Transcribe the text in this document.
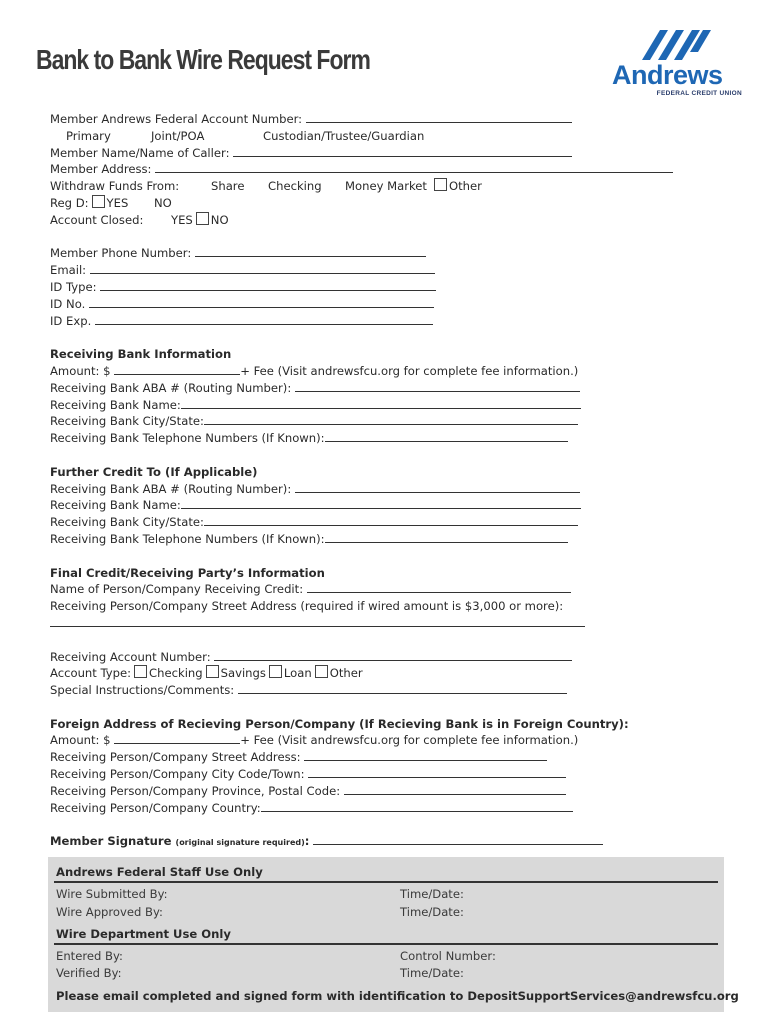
Bank to Bank Wire Request Form	Andrews
FEDERAL CREDIT UNION
Member Andrews Federal Account Number:
Primary	Joint/POA	Custodian/Trustee/Guardian
Member Name/Name of Caller:
Member Address:
Withdraw Funds From:	Share Checking Money Market	Other
Reg D: YES NO
Account Closed: YES NO
Member Phone Number:
Email:
ID Type:
ID No.
ID Exp.
Receiving Bank Information
Amount: $	+ Fee (Visit andrewsfcu.org for complete fee information.)
Receiving Bank ABA # (Routing Number):
Receiving Bank Name:
Receiving Bank City/State:
Receiving Bank Telephone Numbers (If Known):
Further Credit To (If Applicable)
Receiving Bank ABA # (Routing Number):
Receiving Bank Name:
Receiving Bank City/State:
Receiving Bank Telephone Numbers (If Known):
Final Credit/Receiving Party’s Information
Name of Person/Company Receiving Credit:
Receiving Person/Company Street Address (required if wired amount is $3,000 or more):
Receiving Account Number:
Account Type: Checking Savings Loan Other
Special Instructions/Comments:
Foreign Address of Recieving Person/Company (If Recieving Bank is in Foreign Country):
Amount: $	+ Fee (Visit andrewsfcu.org for complete fee information.)
Receiving Person/Company Street Address:
Receiving Person/Company City Code/Town:
Receiving Person/Company Province, Postal Code:
Receiving Person/Company Country:
Member Signature (original signature required):
Andrews Federal Staff Use Only
Wire Submitted By:	Time/Date:
Wire Approved By:	Time/Date:
Wire Department Use Only
Entered By:	Control Number:
Verified By:	Time/Date:
Please email completed and signed form with identification to DepositSupportServices@andrewsfcu.org
